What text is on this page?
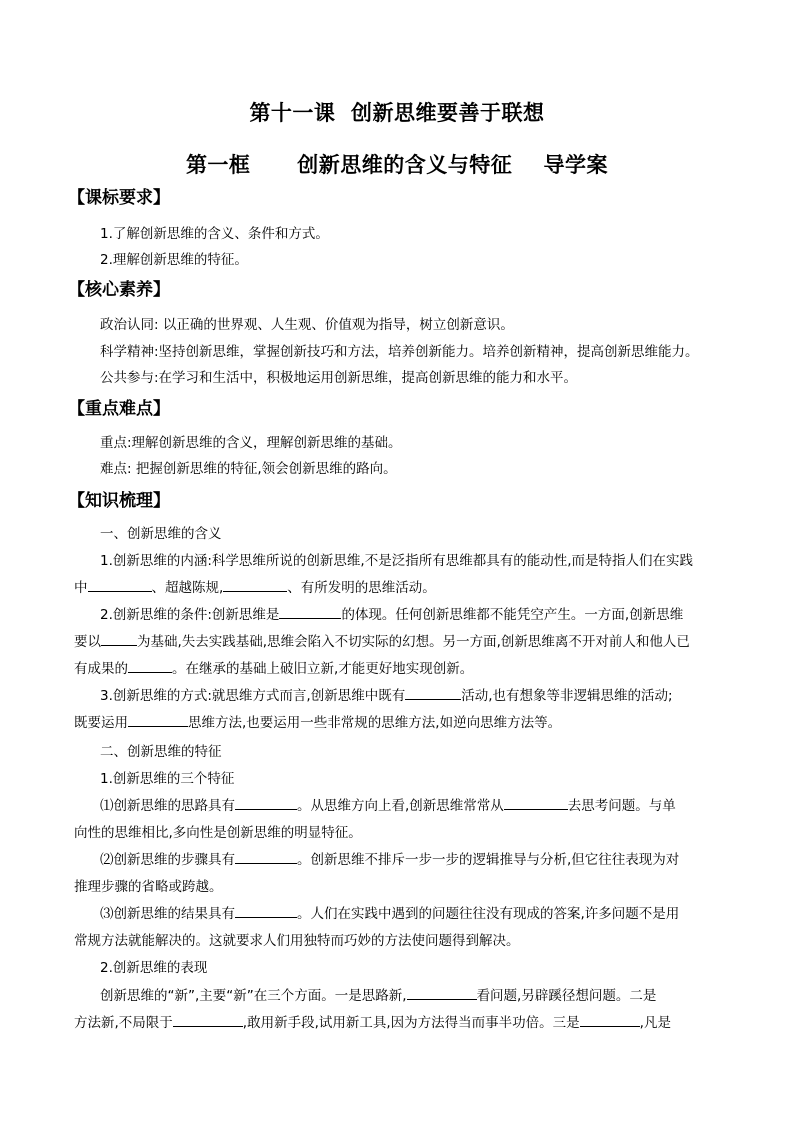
第十一课  创新思维要善于联想
第一框      创新思维的含义与特征    导学案
【课标要求】
1.了解创新思维的含义、条件和方式。
2.理解创新思维的特征。
【核心素养】
政治认同: 以正确的世界观、人生观、价值观为指导，树立创新意识。
科学精神:坚持创新思维，掌握创新技巧和方法，培养创新能力。培养创新精神，提高创新思维能力。
公共参与:在学习和生活中，积极地运用创新思维，提高创新思维的能力和水平。
【重点难点】
重点:理解创新思维的含义，理解创新思维的基础。
难点: 把握创新思维的特征,领会创新思维的路向。
【知识梳理】
一、创新思维的含义
1.创新思维的内涵:科学思维所说的创新思维,不是泛指所有思维都具有的能动性,而是特指人们在实践
中	、超越陈规,	、有所发明的思维活动。
2.创新思维的条件:创新思维是	的体现。任何创新思维都不能凭空产生。一方面,创新思维
要以	为基础,失去实践基础,思维会陷入不切实际的幻想。另一方面,创新思维离不开对前人和他人已
有成果的	。在继承的基础上破旧立新,才能更好地实现创新。
3.创新思维的方式:就思维方式而言,创新思维中既有	活动,也有想象等非逻辑思维的活动;
既要运用	思维方法,也要运用一些非常规的思维方法,如逆向思维方法等。
二、创新思维的特征
1.创新思维的三个特征
⑴创新思维的思路具有	。从思维方向上看,创新思维常常从	去思考问题。与单
向性的思维相比,多向性是创新思维的明显特征。
⑵创新思维的步骤具有	。创新思维不排斥一步一步的逻辑推导与分析,但它往往表现为对
推理步骤的省略或跨越。
⑶创新思维的结果具有	。人们在实践中遇到的问题往往没有现成的答案,许多问题不是用
常规方法就能解决的。这就要求人们用独特而巧妙的方法使问题得到解决。
2.创新思维的表现
创新思维的“新”,主要“新”在三个方面。一是思路新,	看问题,另辟蹊径想问题。二是
方法新,不局限于	,敢用新手段,试用新工具,因为方法得当而事半功倍。三是	,凡是
